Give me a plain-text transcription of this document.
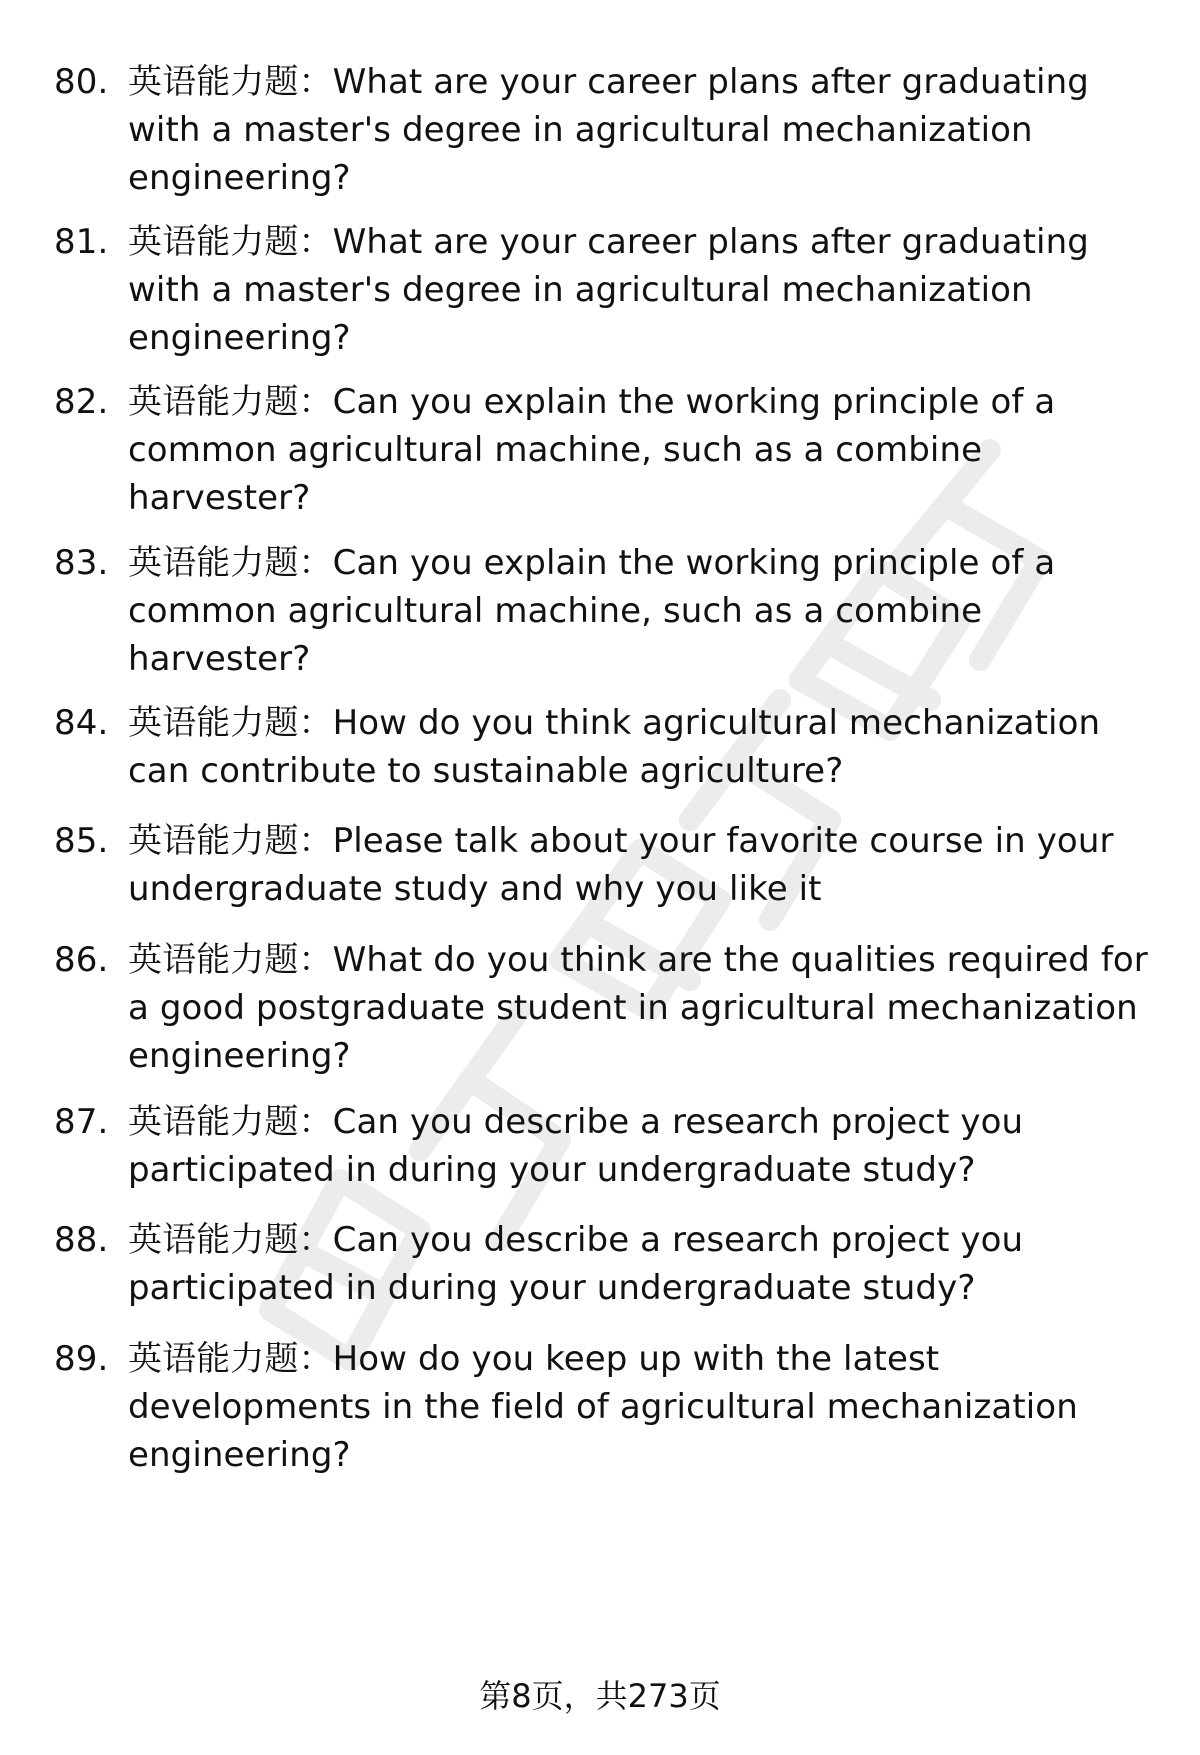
80. 英语能力题：What are your career plans after graduating with a master's degree in agricultural mechanization engineering?
81. 英语能力题：What are your career plans after graduating with a master's degree in agricultural mechanization engineering?
82. 英语能力题：Can you explain the working principle of a common agricultural machine, such as a combine harvester?
83. 英语能力题：Can you explain the working principle of a common agricultural machine, such as a combine harvester?
84. 英语能力题：How do you think agricultural mechanization can contribute to sustainable agriculture?
85. 英语能力题：Please talk about your favorite course in your undergraduate study and why you like it
86. 英语能力题：What do you think are the qualities required for a good postgraduate student in agricultural mechanization engineering?
87. 英语能力题：Can you describe a research project you participated in during your undergraduate study?
88. 英语能力题：Can you describe a research project you participated in during your undergraduate study?
89. 英语能力题：How do you keep up with the latest developments in the field of agricultural mechanization engineering?
第8页，共273页
